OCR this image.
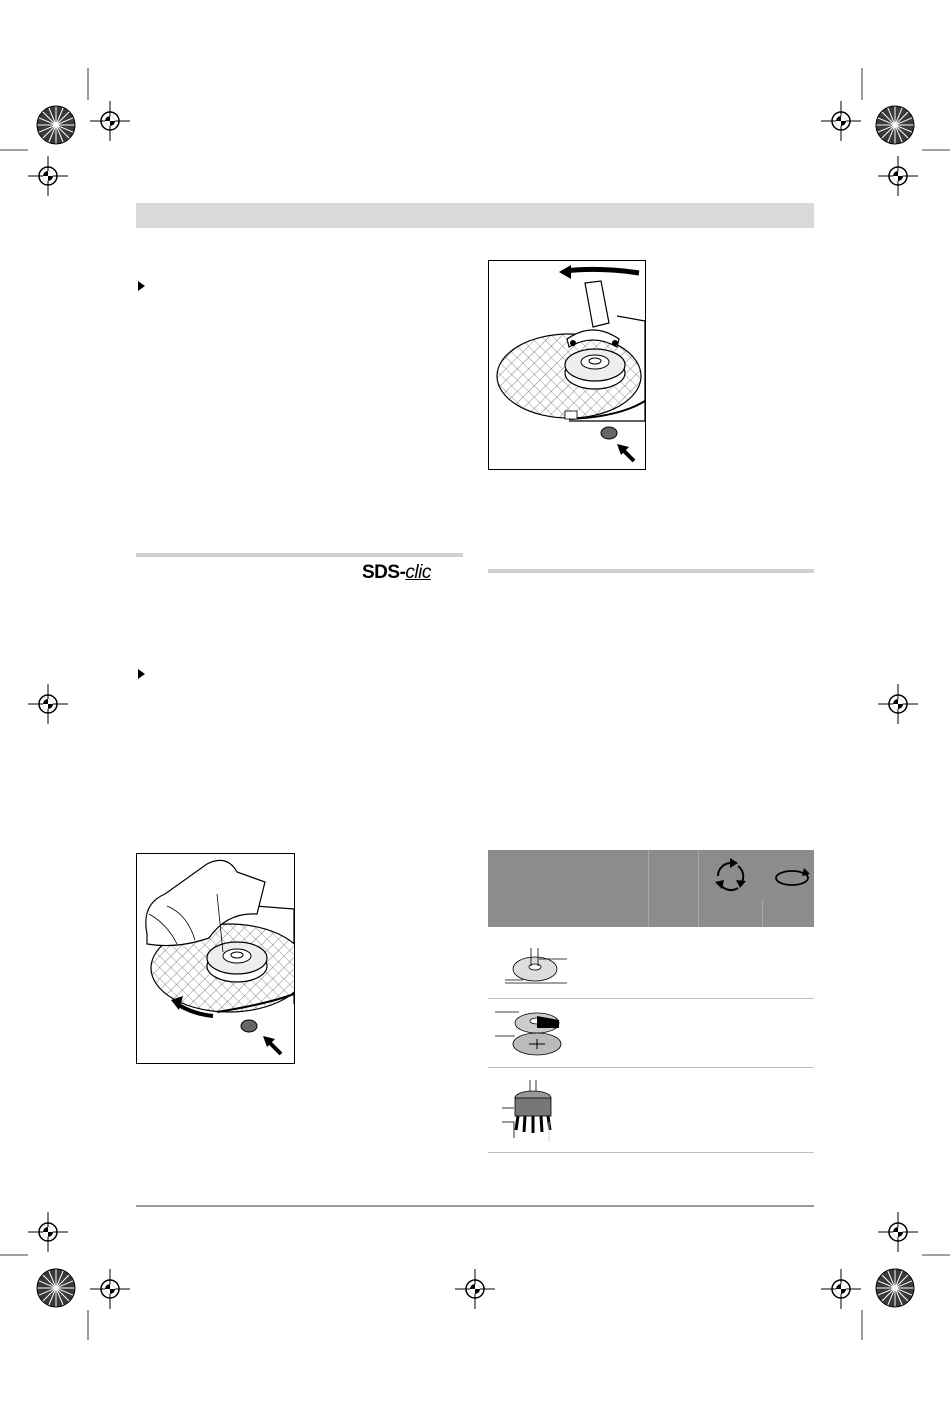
SDS-clic
